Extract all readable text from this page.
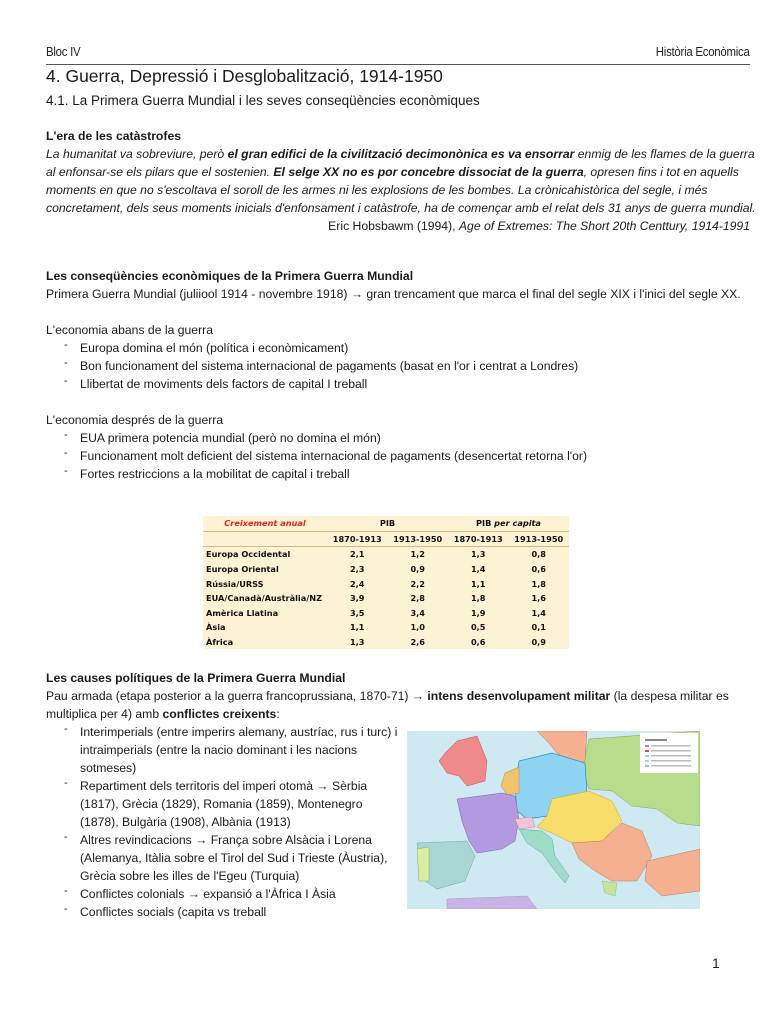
Bloc IV	Història Econòmica
4. Guerra, Depressió i Desglobalització, 1914-1950
4.1. La Primera Guerra Mundial i les seves conseqüències econòmiques
L'era de les catàstrofes
La humanitat va sobreviure, però el gran edifici de la civilització decimonònica es va ensorrar enmig de les flames de la guerra al enfonsar-se els pilars que el sostenien. El selge XX no es por concebre dissociat de la guerra, opresen fins i tot en aquells moments en que no s'escoltava el soroll de les armes ni les explosions de les bombes. La crònicahistòrica del segle, i més concretament, dels seus moments inicials d'enfonsament i catàstrofe, ha de començar amb el relat dels 31 anys de guerra mundial.
Eric Hobsbawm (1994), Age of Extremes: The Short 20th Centtury, 1914-1991
Les conseqüències econòmiques de la Primera Guerra Mundial
Primera Guerra Mundial (juliiool 1914 - novembre 1918) → gran trencament que marca el final del segle XIX i l'inici del segle XX.
L'economia abans de la guerra
- Europa domina el món (política i econòmicament)
- Bon funcionament del sistema internacional de pagaments (basat en l'or i centrat a Londres)
- Llibertat de moviments dels factors de capital I treball
L'economia després de la guerra
- EUA primera potencia mundial (però no domina el món)
- Funcionament molt deficient del sistema internacional de pagaments (desencertat retorna l'or)
- Fortes restriccions a la mobilitat de capital i treball
Creixement anual	PIB		PIB per capita	
	1870-1913	1913-1950	1870-1913	1913-1950
Europa Occidental	2,1	1,2	1,3	0,8
Europa Oriental	2,3	0,9	1,4	0,6
Rússia/URSS	2,4	2,2	1,1	1,8
EUA/Canadà/Austràlia/NZ	3,9	2,8	1,8	1,6
Amèrica Llatina	3,5	3,4	1,9	1,4
Àsia	1,1	1,0	0,5	0,1
Àfrica	1,3	2,6	0,6	0,9
Les causes polítiques de la Primera Guerra Mundial
Pau armada (etapa posterior a la guerra francoprussiana, 1870-71) → intens desenvolupament militar (la despesa militar es multiplica per 4) amb conflictes creixents:
- Interimperials (entre imperirs alemany, austríac, rus i turc) i intraimperials (entre la nacio dominant i les nacions sotmeses)
- Repartiment dels territoris del imperi otomà → Sèrbia (1817), Grècia (1829), Romania (1859), Montenegro (1878), Bulgària (1908), Albània (1913)
- Altres revindicacions → França sobre Alsàcia i Lorena (Alemanya, Itàlia sobre el Tirol del Sud i Trieste (Àustria), Grècia sobre les illes de l'Egeu (Turquia)
- Conflictes colonials → expansió a l'Àfrica I Àsia
- Conflictes socials (capita vs treball
1
